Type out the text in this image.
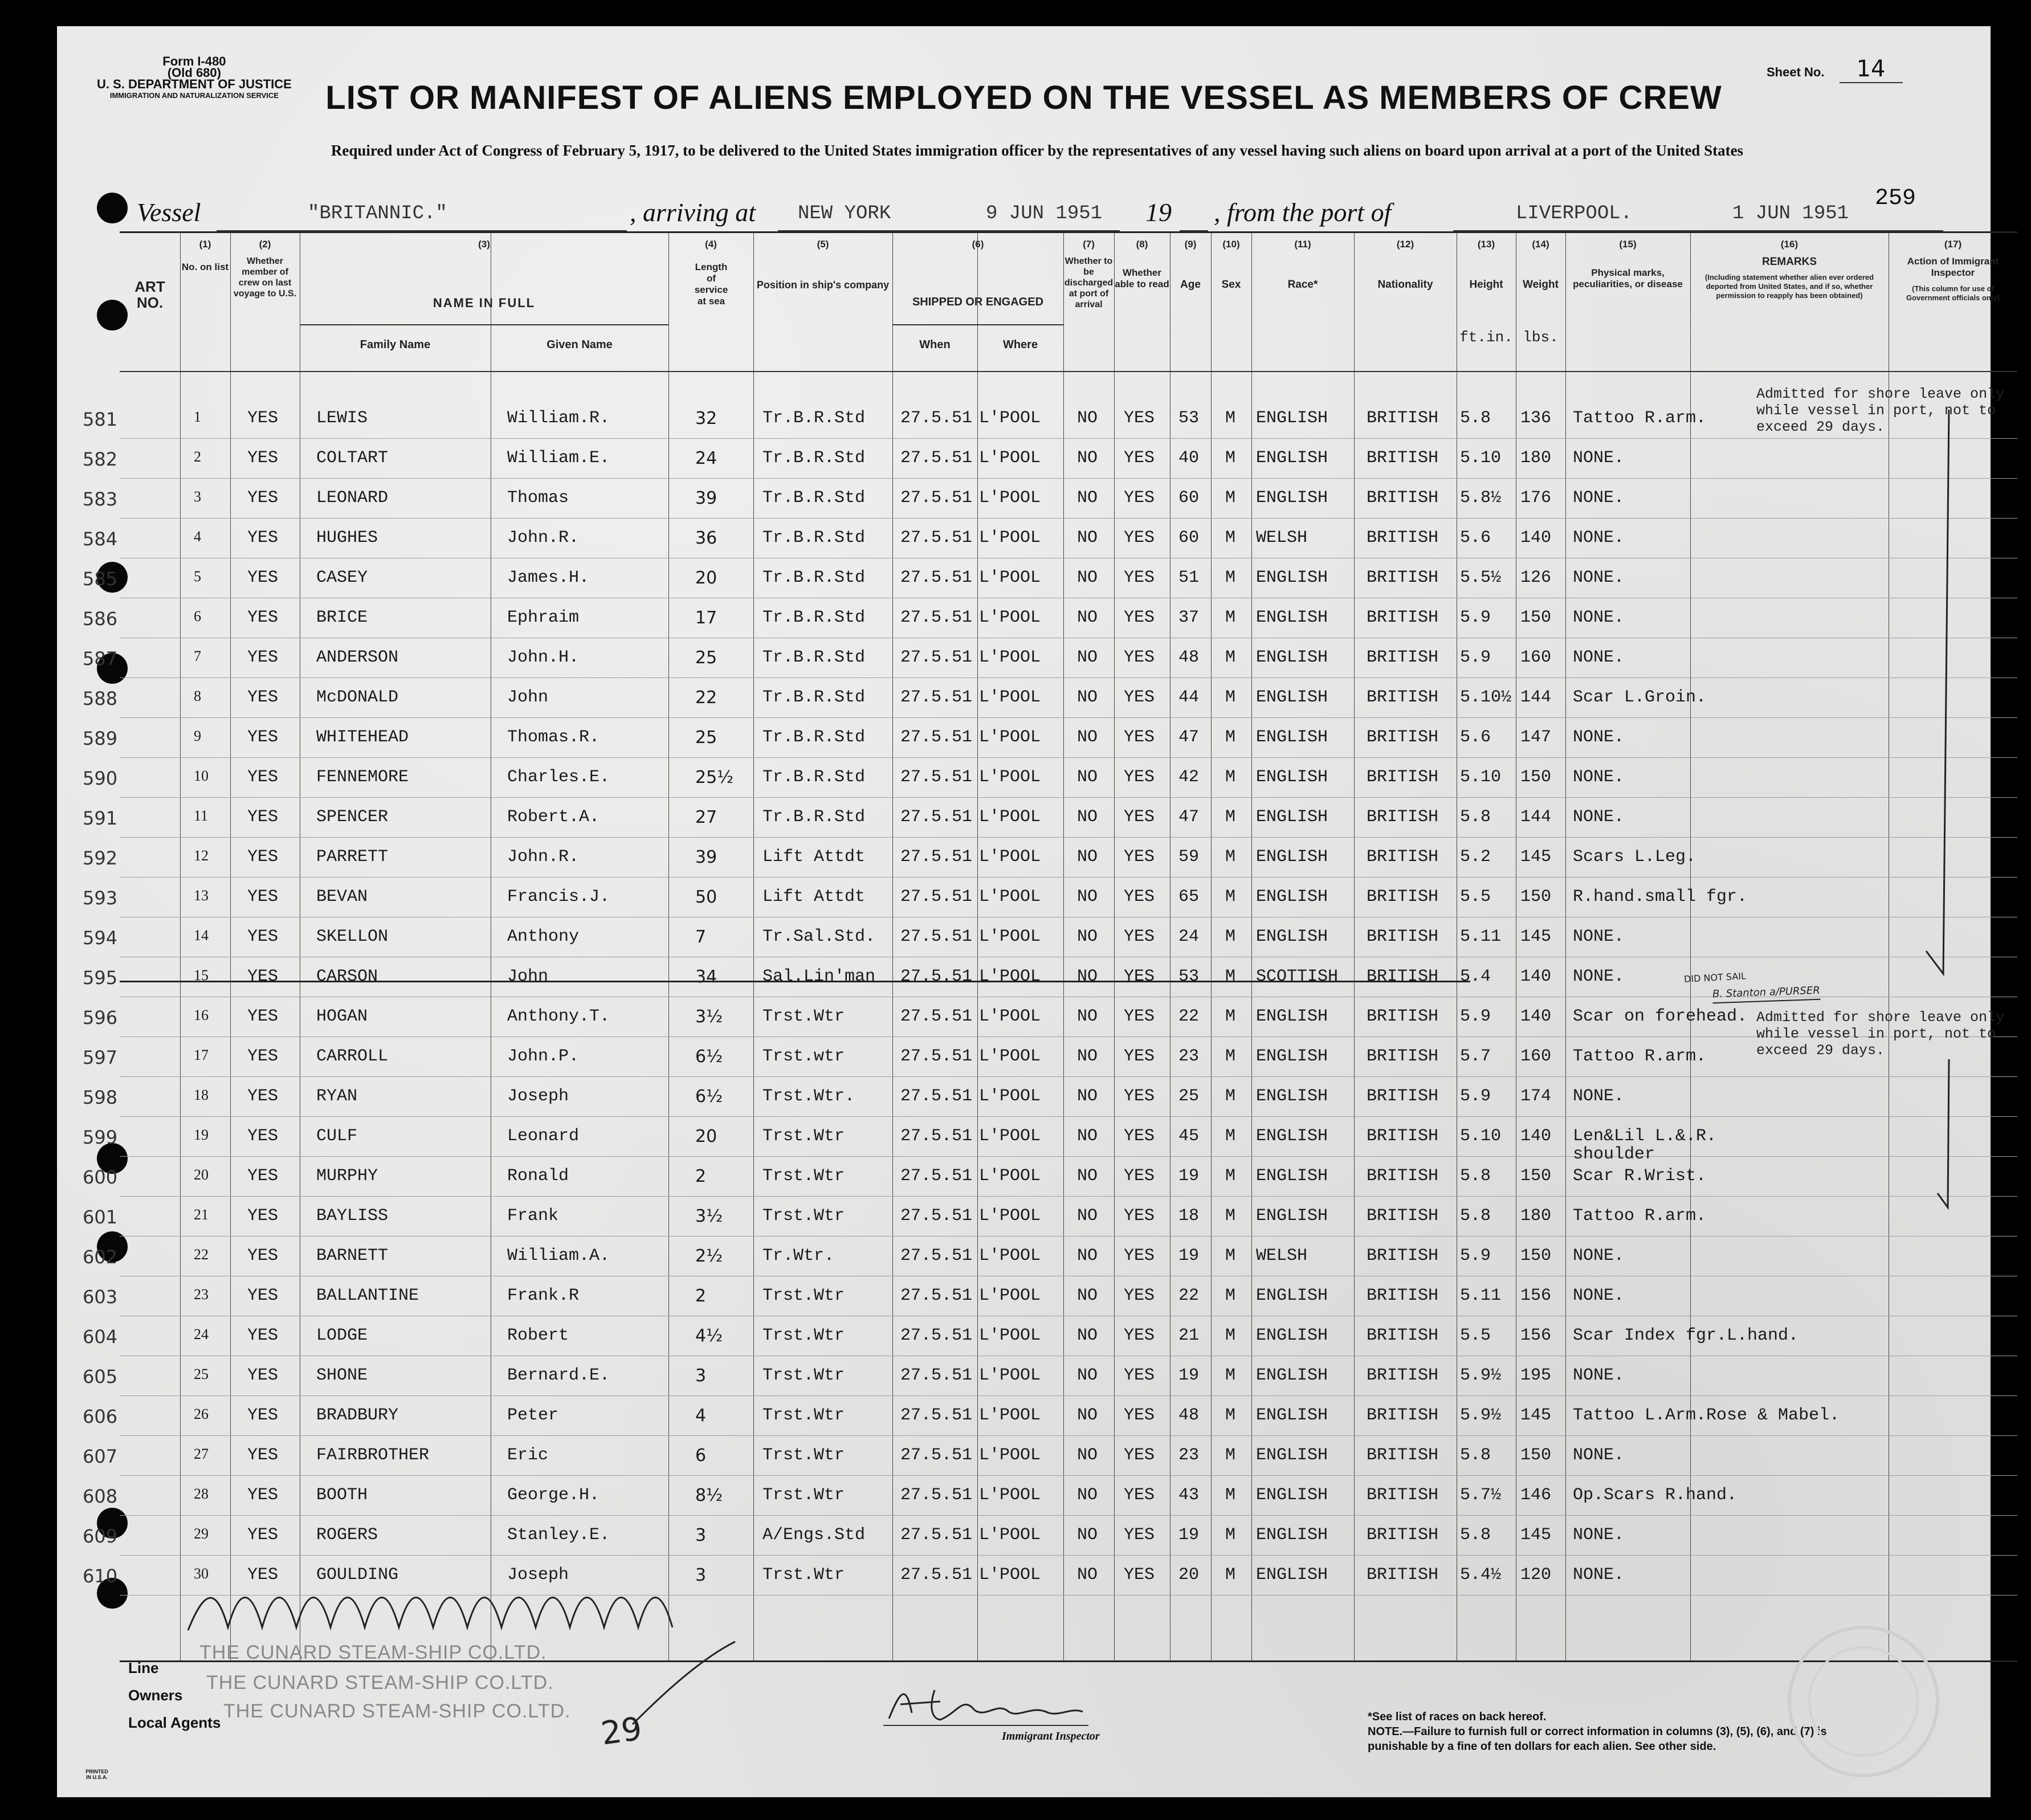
Form I-480
(Old 680)
U. S. DEPARTMENT OF JUSTICE
IMMIGRATION AND NATURALIZATION SERVICE
Sheet No. 14
LIST OR MANIFEST OF ALIENS EMPLOYED ON THE VESSEL AS MEMBERS OF CREW
Required under Act of Congress of February 5, 1917, to be delivered to the United States immigration officer by the representatives of any vessel having such aliens on board upon arrival at a port of the United States
Vessel	"BRITANNIC."	, arriving at NEW YORK	9 JUN 1951 19 , from the port of	LIVERPOOL.	1 JUN 1951
259
ART NO.
(1)
No. on list
(2)
Whether member of crew on last voyage to U.S.
(3)
NAME IN FULL
Family Name	Given Name
(4)
Length of service at sea
(5)
Position in ship's company
(6)
SHIPPED OR ENGAGED
When	Where
(7)
Whether to be discharged at port of arrival
(8)
Whether able to read
(9)
Age
(10)
Sex
(11)
Race*
(12)
Nationality
(13)
Height
ft.in.
(14)
Weight
lbs.
(15)
Physical marks, peculiarities, or disease
(16)
REMARKS
(Including statement whether alien ever ordered deported from United States, and if so, whether permission to reapply has been obtained)
(17)
Action of Immigrant Inspector
(This column for use of Government officials only)
581	1	YES LEWIS	William.R.	32	Tr.B.R.Std 27.5.51 L'POOL NO YES 53 M ENGLISH BRITISH 5.8 136 Tattoo R.arm.
582	2	YES COLTART	William.E.	24	Tr.B.R.Std 27.5.51 L'POOL NO YES 40 M ENGLISH BRITISH 5.10 180 NONE.
583	3	YES LEONARD	Thomas	39	Tr.B.R.Std 27.5.51 L'POOL NO YES 60 M ENGLISH BRITISH 5.8½ 176 NONE.
584	4	YES HUGHES	John.R.	36	Tr.B.R.Std 27.5.51 L'POOL NO YES 60 M WELSH	BRITISH 5.6 140 NONE.
585	5	YES CASEY	James.H.	20	Tr.B.R.Std 27.5.51 L'POOL NO YES 51 M ENGLISH BRITISH 5.5½ 126 NONE.
586	6	YES BRICE	Ephraim	17	Tr.B.R.Std 27.5.51 L'POOL NO YES 37 M ENGLISH BRITISH 5.9 150 NONE.
587	7	YES ANDERSON	John.H.	25	Tr.B.R.Std 27.5.51 L'POOL NO YES 48 M ENGLISH BRITISH 5.9 160 NONE.
588	8	YES McDONALD	John	22	Tr.B.R.Std 27.5.51 L'POOL NO YES 44 M ENGLISH BRITISH 5.10½ 144 Scar L.Groin.
589	9	YES WHITEHEAD	Thomas.R.	25	Tr.B.R.Std 27.5.51 L'POOL NO YES 47 M ENGLISH BRITISH 5.6 147 NONE.
590	10 YES FENNEMORE	Charles.E.	25½ Tr.B.R.Std 27.5.51 L'POOL NO YES 42 M ENGLISH BRITISH 5.10 150 NONE.
591	11 YES SPENCER	Robert.A.	27	Tr.B.R.Std 27.5.51 L'POOL NO YES 47 M ENGLISH BRITISH 5.8 144 NONE.
592	12 YES PARRETT	John.R.	39	Lift Attdt 27.5.51 L'POOL NO YES 59 M ENGLISH BRITISH 5.2 145 Scars L.Leg.
593	13 YES BEVAN	Francis.J.	50	Lift Attdt 27.5.51 L'POOL NO YES 65 M ENGLISH BRITISH 5.5 150 R.hand.small fgr.
594	14 YES SKELLON	Anthony	7	Tr.Sal.Std. 27.5.51 L'POOL NO YES 24 M ENGLISH BRITISH 5.11 145 NONE.
595	15 YES CARSON	John	34	Sal.Lin'man 27.5.51 L'POOL NO YES 53 M SCOTTISH BRITISH 5.4 140 NONE.
596	16 YES HOGAN	Anthony.T.	3½ Trst.Wtr	27.5.51 L'POOL NO YES 22 M ENGLISH BRITISH 5.9 140 Scar on forehead.
597	17 YES CARROLL	John.P.	6½ Trst.wtr	27.5.51 L'POOL NO YES 23 M ENGLISH BRITISH 5.7 160 Tattoo R.arm.
598	18 YES RYAN	Joseph	6½ Trst.Wtr.	27.5.51 L'POOL NO YES 25 M ENGLISH BRITISH 5.9 174 NONE.
599	19 YES CULF	Leonard	20	Trst.Wtr	27.5.51 L'POOL NO YES 45 M ENGLISH BRITISH 5.10 140 Len&Lil L.&.R.
shoulder
600	20 YES MURPHY	Ronald	2	Trst.Wtr	27.5.51 L'POOL NO YES 19 M ENGLISH BRITISH 5.8 150 Scar R.Wrist.
601	21 YES BAYLISS	Frank	3½ Trst.Wtr	27.5.51 L'POOL NO YES 18 M ENGLISH BRITISH 5.8 180 Tattoo R.arm.
602	22 YES BARNETT	William.A.	2½ Tr.Wtr.	27.5.51 L'POOL NO YES 19 M WELSH	BRITISH 5.9 150 NONE.
603	23 YES BALLANTINE	Frank.R	2	Trst.Wtr	27.5.51 L'POOL NO YES 22 M ENGLISH BRITISH 5.11 156 NONE.
604	24 YES LODGE	Robert	4½ Trst.Wtr	27.5.51 L'POOL NO YES 21 M ENGLISH BRITISH 5.5 156 Scar Index fgr.L.hand.
605	25 YES SHONE	Bernard.E.	3	Trst.Wtr	27.5.51 L'POOL NO YES 19 M ENGLISH BRITISH 5.9½ 195 NONE.
606	26 YES BRADBURY	Peter	4	Trst.Wtr	27.5.51 L'POOL NO YES 48 M ENGLISH BRITISH 5.9½ 145 Tattoo L.Arm.Rose & Mabel.
607	27 YES FAIRBROTHER	Eric	6	Trst.Wtr	27.5.51 L'POOL NO YES 23 M ENGLISH BRITISH 5.8 150 NONE.
608	28 YES BOOTH	George.H.	8½ Trst.Wtr	27.5.51 L'POOL NO YES 43 M ENGLISH BRITISH 5.7½ 146 Op.Scars R.hand.
609	29 YES ROGERS	Stanley.E.	3	A/Engs.Std 27.5.51 L'POOL NO YES 19 M ENGLISH BRITISH 5.8 145 NONE.
610	30 YES GOULDING	Joseph	3	Trst.Wtr	27.5.51 L'POOL NO YES 20 M ENGLISH BRITISH 5.4½ 120 NONE.
Admitted for shore leave only
while vessel in port, not to
exceed 29 days.
Admitted for shore leave only
while vessel in port, not to
exceed 29 days.
DID NOT SAIL
B. Stanton a/PURSER
Line
THE CUNARD STEAM-SHIP CO.LTD.
Owners
THE CUNARD STEAM-SHIP CO.LTD.
Local Agents
THE CUNARD STEAM-SHIP CO.LTD. 29	Immigrant Inspector
*See list of races on back hereof.
NOTE.—Failure to furnish full or correct information in columns (3), (5), (6), and (7) is punishable by a fine of ten dollars for each alien. See other side.
PRINTED IN U.S.A.
